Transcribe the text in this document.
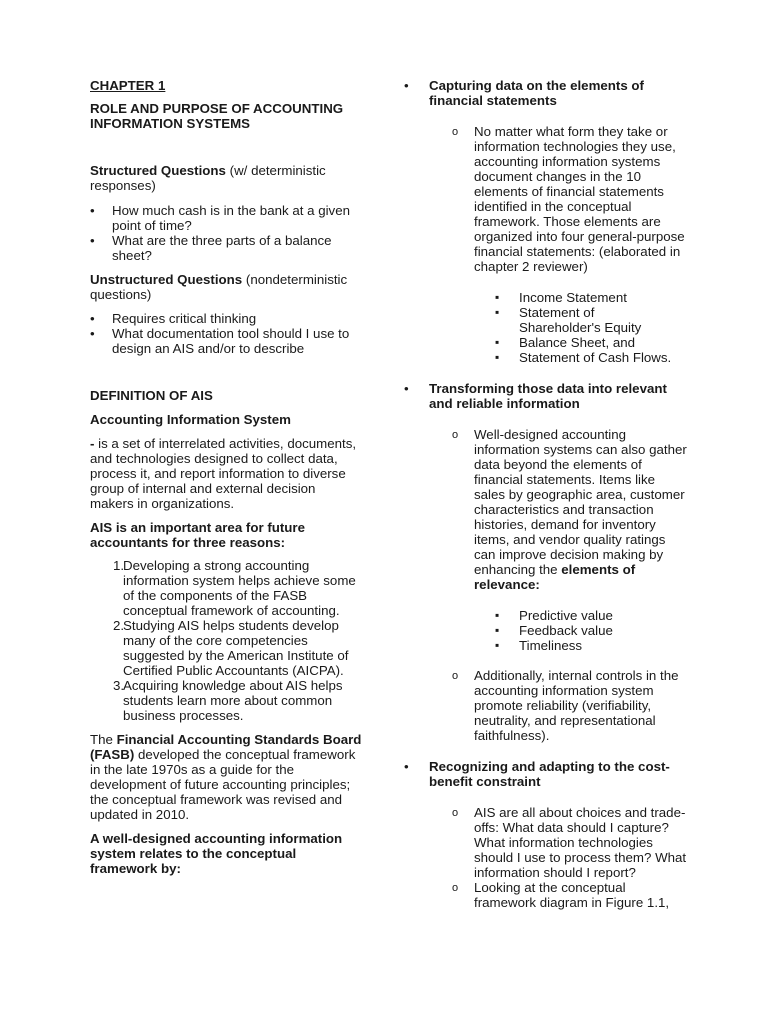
CHAPTER 1

ROLE AND PURPOSE OF ACCOUNTING INFORMATION SYSTEMS

Structured Questions (w/ deterministic responses)

• How much cash is in the bank at a given point of time?
• What are the three parts of a balance sheet?

Unstructured Questions (nondeterministic questions)

• Requires critical thinking
• What documentation tool should I use to design an AIS and/or to describe

DEFINITION OF AIS

Accounting Information System

- is a set of interrelated activities, documents, and technologies designed to collect data, process it, and report information to diverse group of internal and external decision makers in organizations.

AIS is an important area for future accountants for three reasons:

1.
Developing a strong accounting information system helps achieve some of the components of the FASB conceptual framework of accounting.
2.
Studying AIS helps students develop many of the core competencies suggested by the American Institute of Certified Public Accountants (AICPA).
3.
Acquiring knowledge about AIS helps students learn more about common business processes.

The Financial Accounting Standards Board (FASB) developed the conceptual framework in the late 1970s as a guide for the development of future accounting principles; the conceptual framework was revised and updated in 2010.

A well-designed accounting information system relates to the conceptual framework by:

• Capturing data on the elements of financial statements

o No matter what form they take or information technologies they use, accounting information systems document changes in the 10 elements of financial statements identified in the conceptual framework. Those elements are organized into four general-purpose financial statements: (elaborated in chapter 2 reviewer)

▪ Income Statement
▪ Statement of Shareholder's Equity
▪ Balance Sheet, and
▪ Statement of Cash Flows.
• Transforming those data into relevant and reliable information

o Well-designed accounting information systems can also gather data beyond the elements of financial statements. Items like sales by geographic area, customer characteristics and transaction histories, demand for inventory items, and vendor quality ratings can improve decision making by enhancing the elements of relevance:

▪ Predictive value
▪ Feedback value
▪ Timeliness
o Additionally, internal controls in the accounting information system promote reliability (verifiability, neutrality, and representational faithfulness).

• Recognizing and adapting to the cost-benefit constraint

o AIS are all about choices and trade-offs: What data should I capture? What information technologies should I use to process them? What information should I report?

o Looking at the conceptual framework diagram in Figure 1.1,
